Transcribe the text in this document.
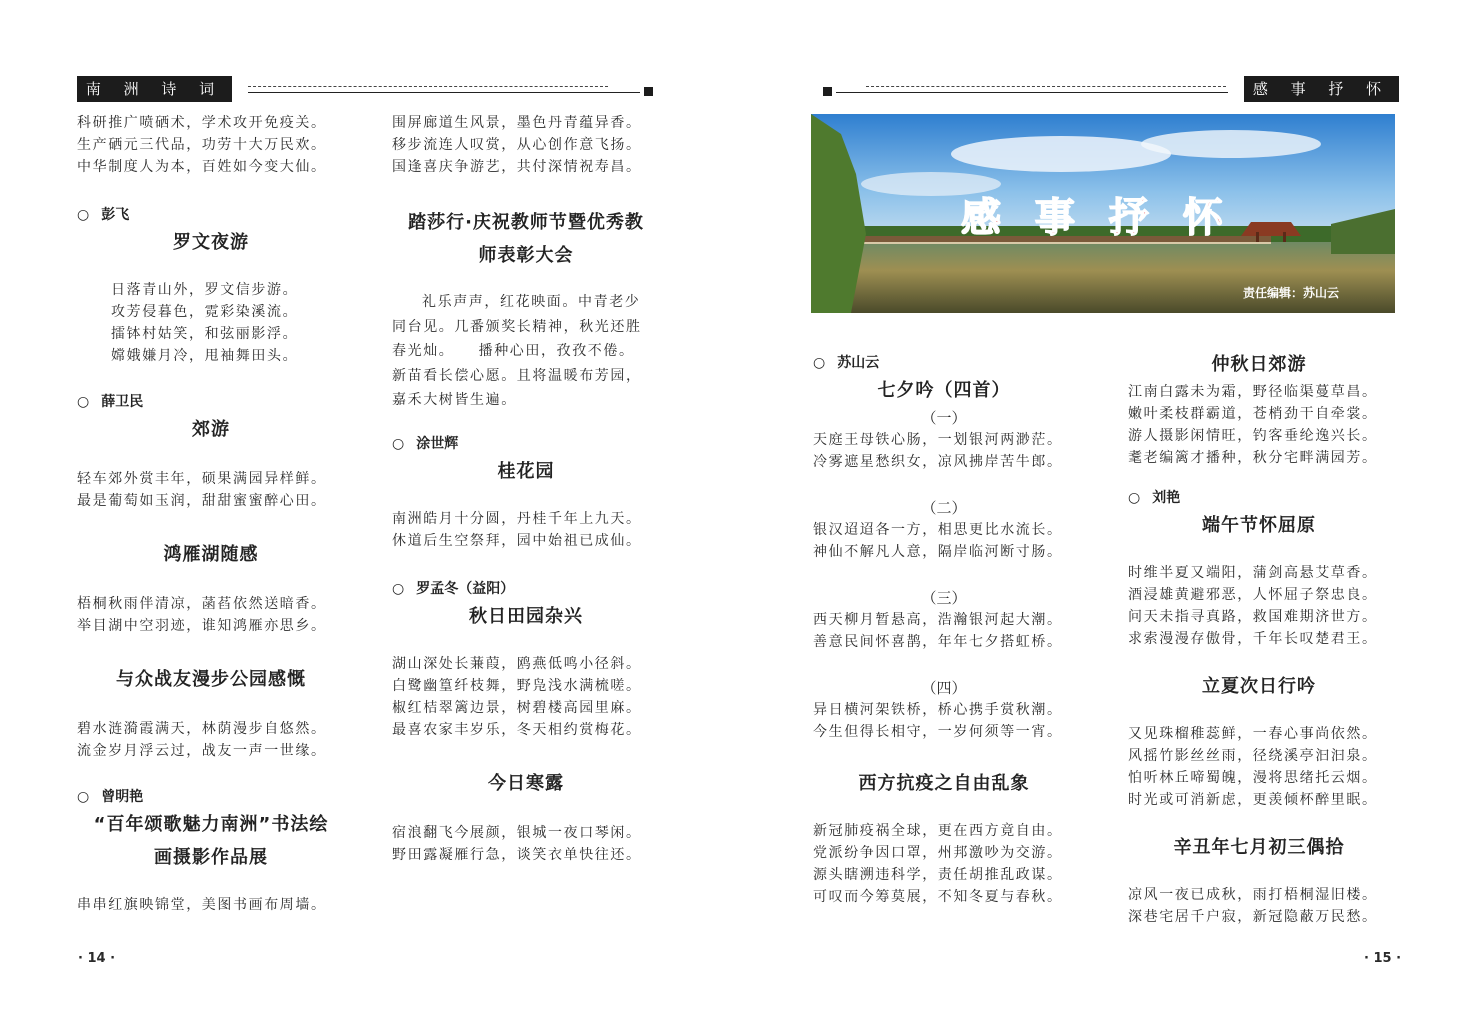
南 洲 诗 词	感 事 抒 怀
科研推广喷硒术，学术攻开免疫关。
生产硒元三代品，功劳十大万民欢。
中华制度人为本，百姓如今变大仙。
○ 彭飞
罗文夜游
日落青山外，罗文信步游。
攻芳侵暮色，霓彩染溪流。
擂钵村姑笑，和弦丽影浮。
嫦娥嫌月冷，甩袖舞田头。
○ 薛卫民
郊游
轻车郊外赏丰年，硕果满园异样鲜。
最是葡萄如玉润，甜甜蜜蜜醉心田。
鸿雁湖随感
梧桐秋雨伴清凉，菡萏依然送暗香。
举目湖中空羽迹，谁知鸿雁亦思乡。
与众战友漫步公园感慨
碧水涟漪霞满天，林荫漫步自悠然。
流金岁月浮云过，战友一声一世缘。
○ 曾明艳
“百年颂歌魅力南洲”书法绘
画摄影作品展
串串红旗映锦堂，美图书画布周墙。
围屏廊道生风景，墨色丹青蕴异香。
移步流连人叹赏，从心创作意飞扬。
国逢喜庆争游艺，共付深情祝寿昌。
踏莎行·庆祝教师节暨优秀教
师表彰大会
礼乐声声，红花映面。中青老少
同台见。几番颁奖长精神，秋光还胜
春光灿。　　播种心田，孜孜不倦。
新苗看长偿心愿。且将温暖布芳园，
嘉禾大树皆生遍。
○ 涂世辉
桂花园
南洲皓月十分圆，丹桂千年上九天。
休道后生空祭拜，园中始祖已成仙。
○ 罗孟冬（益阳）
秋日田园杂兴
湖山深处长蒹葭，鸥燕低鸣小径斜。
白鹭幽篁纤枝舞，野凫浅水满梳嗟。
椒红桔翠篱边景，树碧楼高园里麻。
最喜农家丰岁乐，冬天相约赏梅花。
今日寒露
宿浪翻飞今展颜，银城一夜口琴闲。
野田露凝雁行急，谈笑衣单快往还。
· 14 ·
感 事 抒 怀
责任编辑：苏山云
○ 苏山云
七夕吟（四首）
（一）
天庭王母铁心肠，一划银河两渺茫。
冷雾遮星愁织女，凉风拂岸苦牛郎。
（二）
银汉迢迢各一方，相思更比水流长。
神仙不解凡人意，隔岸临河断寸肠。
（三）
西天柳月暂悬高，浩瀚银河起大潮。
善意民间怀喜鹊，年年七夕搭虹桥。
（四）
异日横河架铁桥，桥心携手赏秋潮。
今生但得长相守，一岁何须等一宵。
西方抗疫之自由乱象
新冠肺疫祸全球，更在西方竟自由。
党派纷争因口罩，州邦激吵为交游。
源头瞎溯违科学，责任胡推乱政谋。
可叹而今筹莫展，不知冬夏与春秋。
仲秋日郊游
江南白露未为霜，野径临渠蔓草昌。
嫩叶柔枝群霸道，苍梢劲干自牵裳。
游人摄影闲情旺，钓客垂纶逸兴长。
耄老编篱才播种，秋分宅畔满园芳。
○ 刘艳
端午节怀屈原
时维半夏又端阳，蒲剑高悬艾草香。
酒浸雄黄避邪恶，人怀屈子祭忠良。
问天未指寻真路，救国难期济世方。
求索漫漫存傲骨，千年长叹楚君王。
立夏次日行吟
又见珠榴稚蕊鲜，一春心事尚依然。
风摇竹影丝丝雨，径绕溪亭汩汩泉。
怕听林丘啼蜀魄，漫将思绪托云烟。
时光或可消新虑，更羡倾杯醉里眠。
辛丑年七月初三偶拾
凉风一夜已成秋，雨打梧桐湿旧楼。
深巷宅居千户寂，新冠隐蔽万民愁。
· 15 ·
